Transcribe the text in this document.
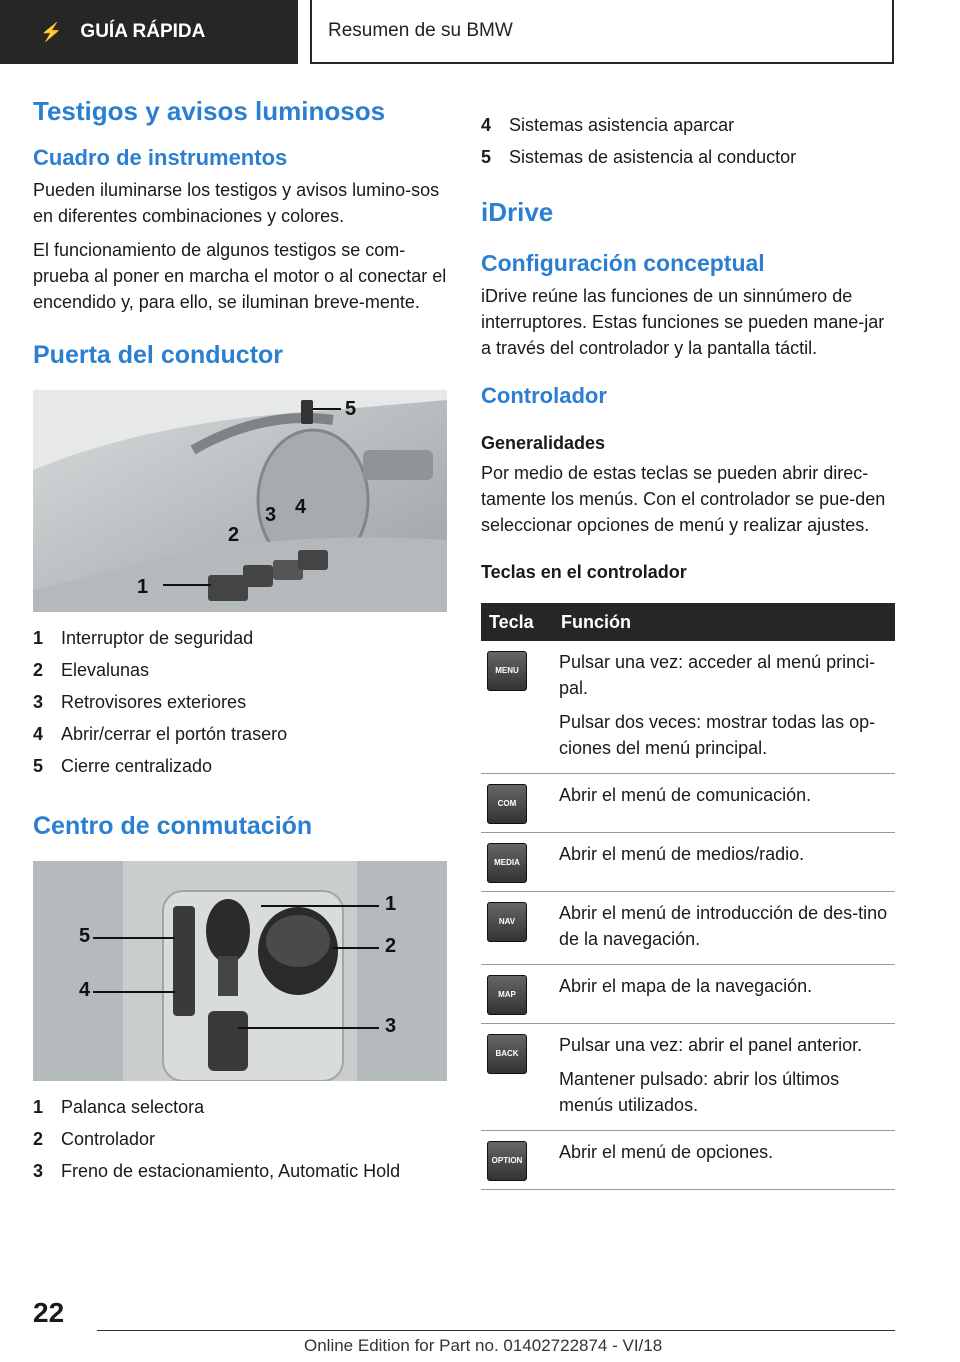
⚡ GUÍA RÁPIDA	Resumen de su BMW
Testigos y avisos luminosos
Cuadro de instrumentos

Pueden iluminarse los testigos y avisos lumino-sos en diferentes combinaciones y colores.

El funcionamiento de algunos testigos se com-prueba al poner en marcha el motor o al conectar el encendido y, para ello, se iluminan breve-mente.

Puerta del conductor
1
2
3 4
5
1 Interruptor de seguridad
2 Elevalunas
3 Retrovisores exteriores
4 Abrir/cerrar el portón trasero
5 Cierre centralizado
Centro de conmutación
1
2
3
4
5
1 Palanca selectora
2 Controlador
3 Freno de estacionamiento, Automatic Hold
4 Sistemas asistencia aparcar
5 Sistemas de asistencia al conductor
iDrive
Configuración conceptual

iDrive reúne las funciones de un sinnúmero de interruptores. Estas funciones se pueden mane-jar a través del controlador y la pantalla táctil.

Controlador
Generalidades

Por medio de estas teclas se pueden abrir direc-tamente los menús. Con el controlador se pue-den seleccionar opciones de menú y realizar ajustes.

Teclas en el controlador
Tecla	Función

MENU	Pulsar una vez: acceder al menú princi-pal.

Pulsar dos veces: mostrar todas las op-ciones del menú principal.

COM	Abrir el menú de comunicación.

MEDIA	Abrir el menú de medios/radio.

NAV	Abrir el menú de introducción de des-tino de la navegación.

MAP	Abrir el mapa de la navegación.

BACK	Pulsar una vez: abrir el panel anterior.

Mantener pulsado: abrir los últimos menús utilizados.

OPTION	Abrir el menú de opciones.

22
Online Edition for Part no. 01402722874 - VI/18
